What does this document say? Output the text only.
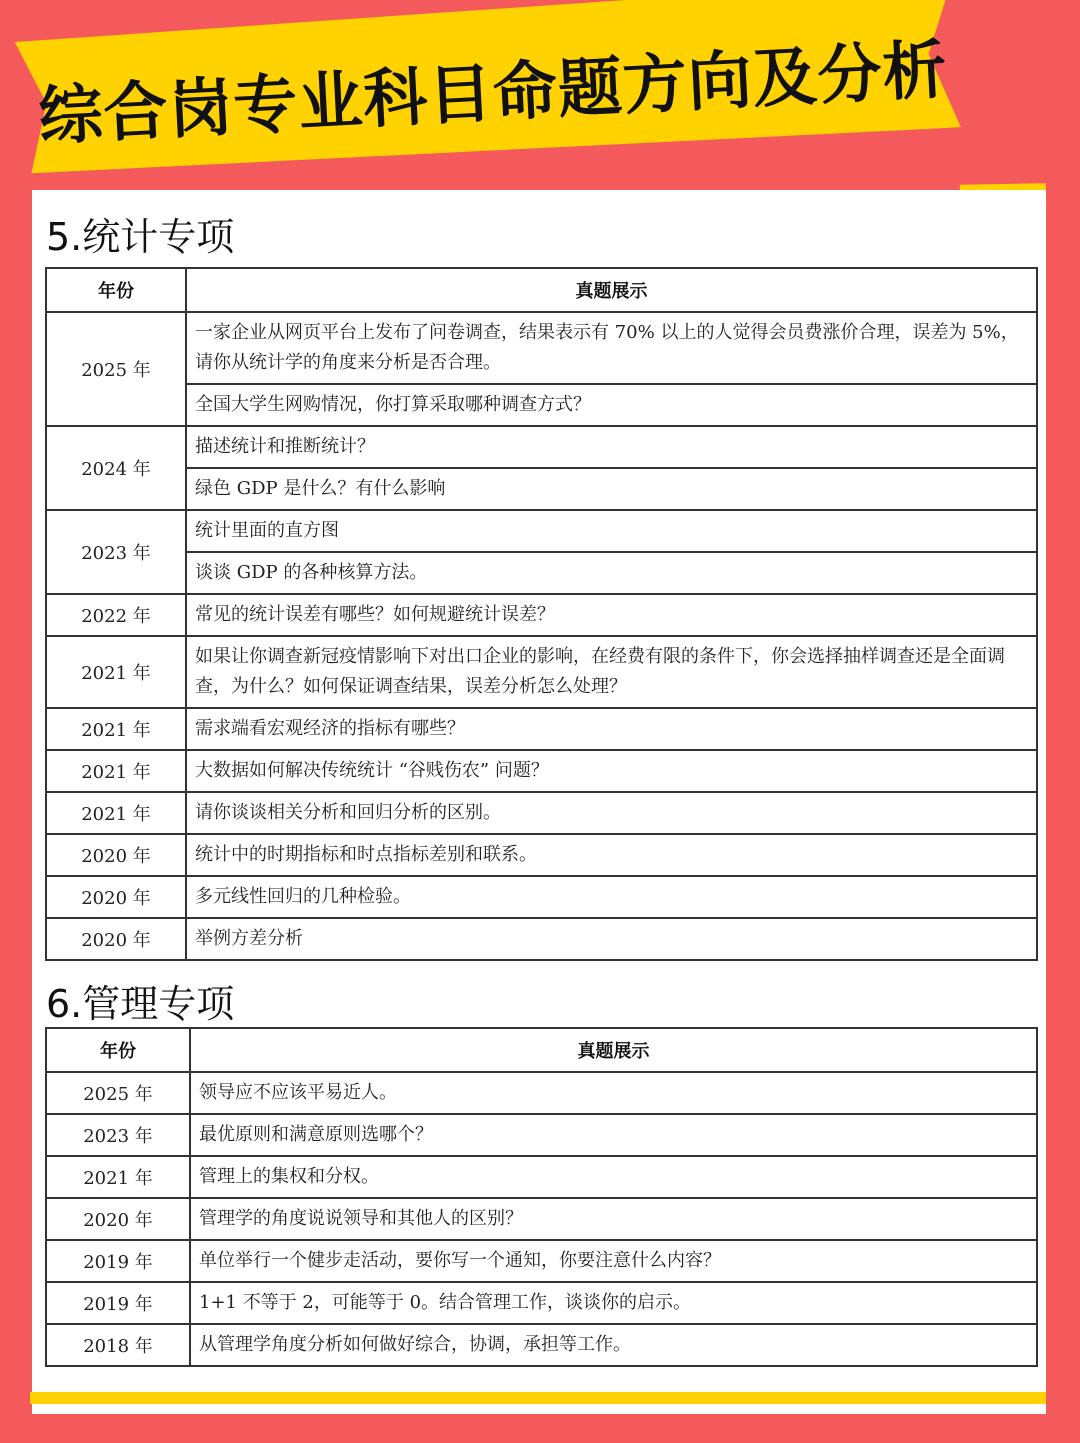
综合岗专业科目命题方向及分析
5.统计专项
年份	真题展示
2025 年	一家企业从网页平台上发布了问卷调查，结果表示有 70% 以上的人觉得会员费涨价合理，误差为 5%，请你从统计学的角度来分析是否合理。
	全国大学生网购情况，你打算采取哪种调查方式？
2024 年	描述统计和推断统计？
	绿色 GDP 是什么？有什么影响
2023 年	统计里面的直方图
	谈谈 GDP 的各种核算方法。
2022 年	常见的统计误差有哪些？如何规避统计误差？
2021 年	如果让你调查新冠疫情影响下对出口企业的影响，在经费有限的条件下，你会选择抽样调查还是全面调查，为什么？如何保证调查结果，误差分析怎么处理？
2021 年	需求端看宏观经济的指标有哪些？
2021 年	大数据如何解决传统统计 “谷贱伤农” 问题？
2021 年	请你谈谈相关分析和回归分析的区别。
2020 年	统计中的时期指标和时点指标差别和联系。
2020 年	多元线性回归的几种检验。
2020 年	举例方差分析
6.管理专项
年份	真题展示
2025 年	领导应不应该平易近人。
2023 年	最优原则和满意原则选哪个？
2021 年	管理上的集权和分权。
2020 年	管理学的角度说说领导和其他人的区别？
2019 年	单位举行一个健步走活动，要你写一个通知，你要注意什么内容？
2019 年	1+1 不等于 2，可能等于 0。结合管理工作，谈谈你的启示。
2018 年	从管理学角度分析如何做好综合，协调，承担等工作。
